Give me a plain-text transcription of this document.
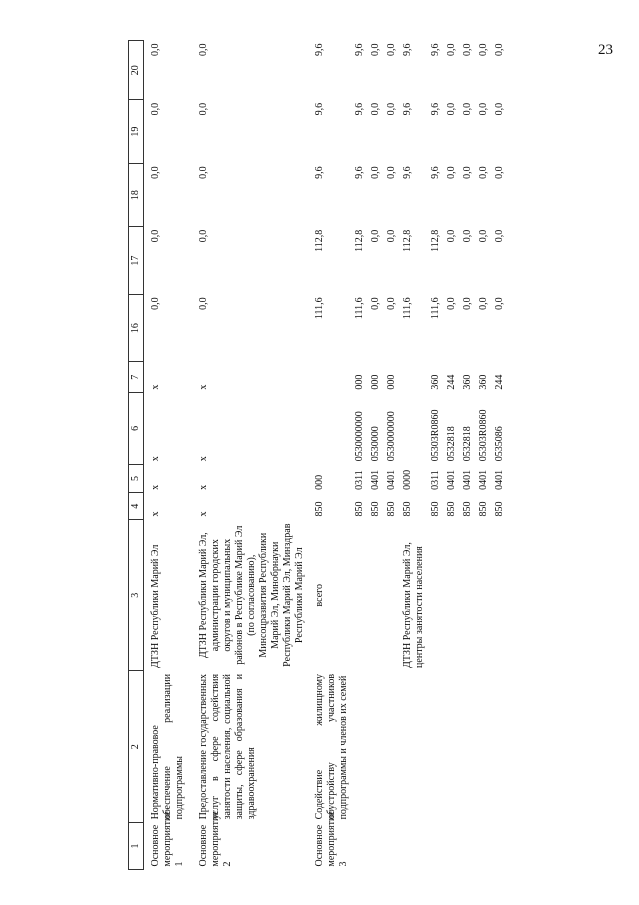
23
1	2	3	4	5	6	7	16	17	18	19	20
Основное мероприятие 1	Нормативно-правовое обеспечение реализации подпрограммы	ДТЗН Республики Марий Эл	x	x	x	x	0,0	0,0	0,0	0,0	0,0
Основное мероприятие 2	Предоставление государственных услуг в сфере содействия занятости населения, социальной защиты, сфере образования и здравоохранения	ДТЗН Республики Марий Эл, администрации городских округов и муниципальных районов в Республике Марий Эл (по согласованию), Минсоцразвития Республики Марий Эл, Минобрнауки Республики Марий Эл, Минздрав Республики Марий Эл	x	x	x	x	0,0	0,0	0,0	0,0	0,0
Основное мероприятие 3	Содействие жилищному обустройству участников подпрограммы и членов их семей	всего	850	000			111,6	112,8	9,6	9,6	9,6
			850	0311	0530000000	000	111,6	112,8	9,6	9,6	9,6
			850	0401	0530000	000	0,0	0,0	0,0	0,0	0,0
			850	0401	0530000000	000	0,0	0,0	0,0	0,0	0,0
		ДТЗН Республики Марий Эл, центры занятости населения	850	0000			111,6	112,8	9,6	9,6	9,6
			850	0311	05303R0860	360	111,6	112,8	9,6	9,6	9,6
			850	0401	0532818	244	0,0	0,0	0,0	0,0	0,0
			850	0401	0532818	360	0,0	0,0	0,0	0,0	0,0
			850	0401	05303R0860	360	0,0	0,0	0,0	0,0	0,0
			850	0401	0535086	244	0,0	0,0	0,0	0,0	0,0
